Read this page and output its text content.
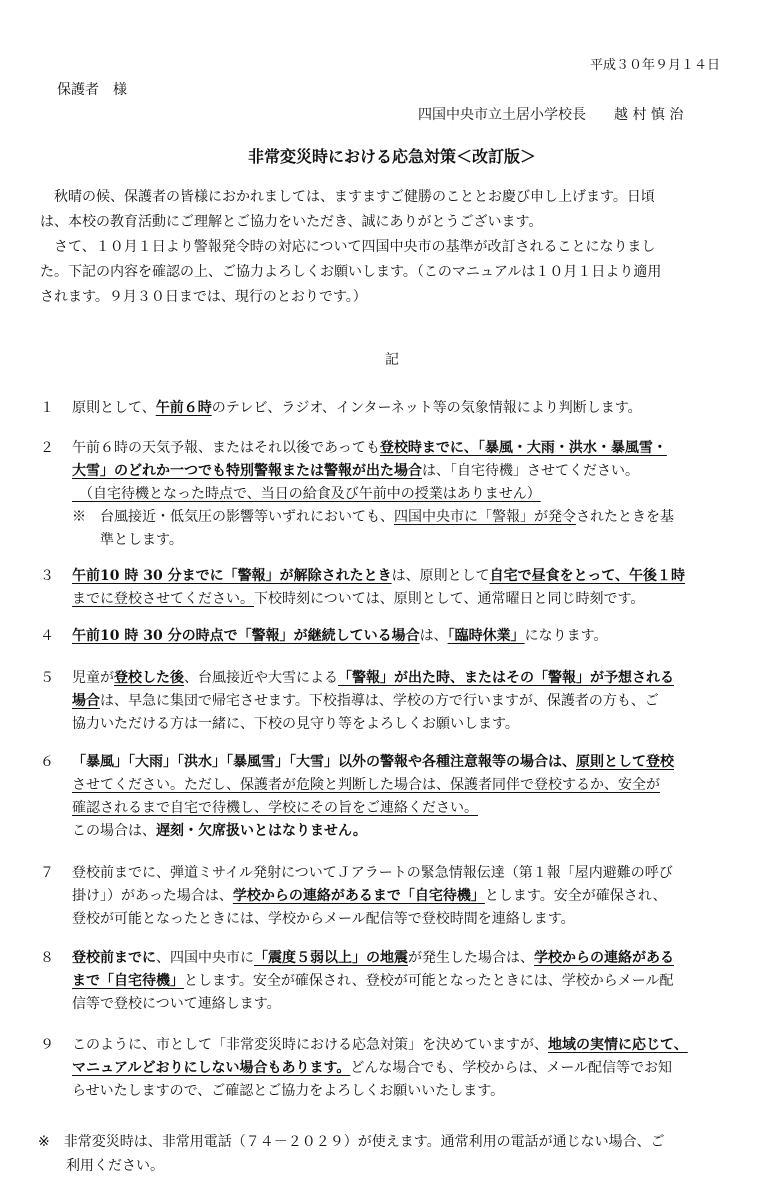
平成３０年９月１４日
保護者　様
四国中央市立土居小学校長　　越 村 慎 治
非常変災時における応急対策＜改訂版＞
　秋晴の候、保護者の皆様におかれましては、ますますご健勝のこととお慶び申し上げます。日頃
は、本校の教育活動にご理解とご協力をいただき、誠にありがとうございます。
　さて、１０月１日より警報発令時の対応について四国中央市の基準が改訂されることになりまし
た。下記の内容を確認の上、ご協力よろしくお願いします。（このマニュアルは１０月１日より適用
されます。９月３０日までは、現行のとおりです。）
記
１ 原則として、午前６時のテレビ、ラジオ、インターネット等の気象情報により判断します。
２ 午前６時の天気予報、またはそれ以後であっても登校時までに、「暴風・大雨・洪水・暴風雪・
大雪」のどれか一つでも特別警報または警報が出た場合は、「自宅待機」させてください。
　（自宅待機となった時点で、当日の給食及び午前中の授業はありません）
※　台風接近・低気圧の影響等いずれにおいても、四国中央市に「警報」が発令されたときを基
　　準とします。
３ 午前10 時 30 分までに「警報」が解除されたときは、原則として自宅で昼食をとって、午後１時
までに登校させてください。下校時刻については、原則として、通常曜日と同じ時刻です。
４ 午前10 時 30 分の時点で「警報」が継続している場合は、「臨時休業」になります。
５ 児童が登校した後、台風接近や大雪による「警報」が出た時、またはその「警報」が予想される
場合は、早急に集団で帰宅させます。下校指導は、学校の方で行いますが、保護者の方も、ご
協力いただける方は一緒に、下校の見守り等をよろしくお願いします。
６ 「暴風」「大雨」「洪水」「暴風雪」「大雪」以外の警報や各種注意報等の場合は、原則として登校
させてください。ただし、保護者が危険と判断した場合は、保護者同伴で登校するか、安全が
確認されるまで自宅で待機し、学校にその旨をご連絡ください。
この場合は、遅刻・欠席扱いとはなりません。
７ 登校前までに、弾道ミサイル発射についてＪアラートの緊急情報伝達（第１報「屋内避難の呼び
掛け」）があった場合は、学校からの連絡があるまで「自宅待機」とします。安全が確保され、
登校が可能となったときには、学校からメール配信等で登校時間を連絡します。
８ 登校前までに、四国中央市に「震度５弱以上」の地震が発生した場合は、学校からの連絡がある
まで「自宅待機」とします。安全が確保され、登校が可能となったときには、学校からメール配
信等で登校について連絡します。
９ このように、市として「非常変災時における応急対策」を決めていますが、地域の実情に応じて、
マニュアルどおりにしない場合もあります。どんな場合でも、学校からは、メール配信等でお知
らせいたしますので、ご確認とご協力をよろしくお願いいたします。
※　非常変災時は、非常用電話（７４－２０２９）が使えます。通常利用の電話が通じない場合、ご
　　利用ください。
